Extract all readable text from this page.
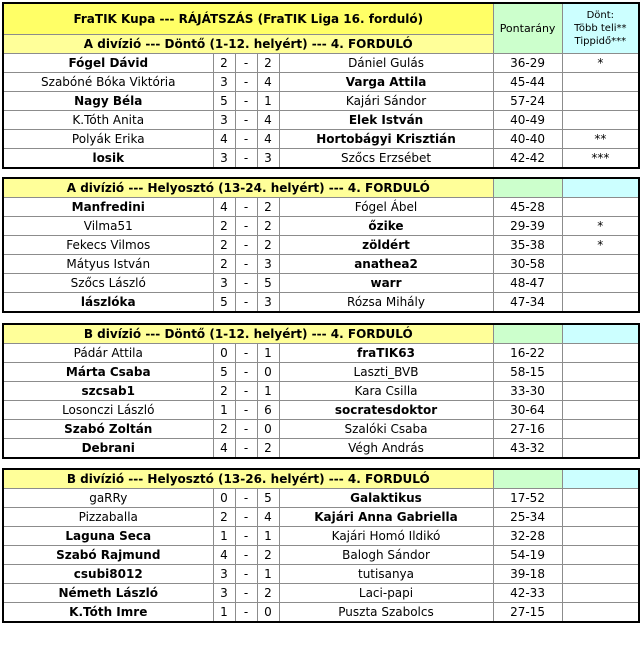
FraTIK Kupa --- RÁJÁTSZÁS (FraTIK Liga 16. forduló)					Pontarány	Dönt:
Több teli**
Tippidő***

A divízió --- Döntő (1-12. helyért) --- 4. FORDULÓ						
Fógel Dávid	2	-	2	Dániel Gulás	36-29	*
Szabóné Bóka Viktória	3	-	4	Varga Attila	45-44	
Nagy Béla	5	-	1	Kajári Sándor	57-24	
K.Tóth Anita	3	-	4	Elek István	40-49	
Polyák Erika	4	-	4	Hortobágyi Krisztián	40-40	**
losik	3	-	3	Szőcs Erzsébet	42-42	***
A divízió --- Helyosztó (13-24. helyért) --- 4. FORDULÓ						
Manfredini	4	-	2	Fógel Ábel	45-28	
Vilma51	2	-	2	őzike	29-39	*
Fekecs Vilmos	2	-	2	zöldért	35-38	*
Mátyus István	2	-	3	anathea2	30-58	
Szőcs László	3	-	5	warr	48-47	
lászlóka	5	-	3	Rózsa Mihály	47-34	
B divízió --- Döntő (1-12. helyért) --- 4. FORDULÓ						
Pádár Attila	0	-	1	fraTIK63	16-22	
Márta Csaba	5	-	0	Laszti_BVB	58-15	
szcsab1	2	-	1	Kara Csilla	33-30	
Losonczi László	1	-	6	socratesdoktor	30-64	
Szabó Zoltán	2	-	0	Szalóki Csaba	27-16	
Debrani	4	-	2	Végh András	43-32	
B divízió --- Helyosztó (13-26. helyért) --- 4. FORDULÓ						
gaRRy	0	-	5	Galaktikus	17-52	
Pizzaballa	2	-	4	Kajári Anna Gabriella	25-34	
Laguna Seca	1	-	1	Kajári Homó Ildikó	32-28	
Szabó Rajmund	4	-	2	Balogh Sándor	54-19	
csubi8012	3	-	1	tutisanya	39-18	
Németh László	3	-	2	Laci-papi	42-33	
K.Tóth Imre	1	-	0	Puszta Szabolcs	27-15	
